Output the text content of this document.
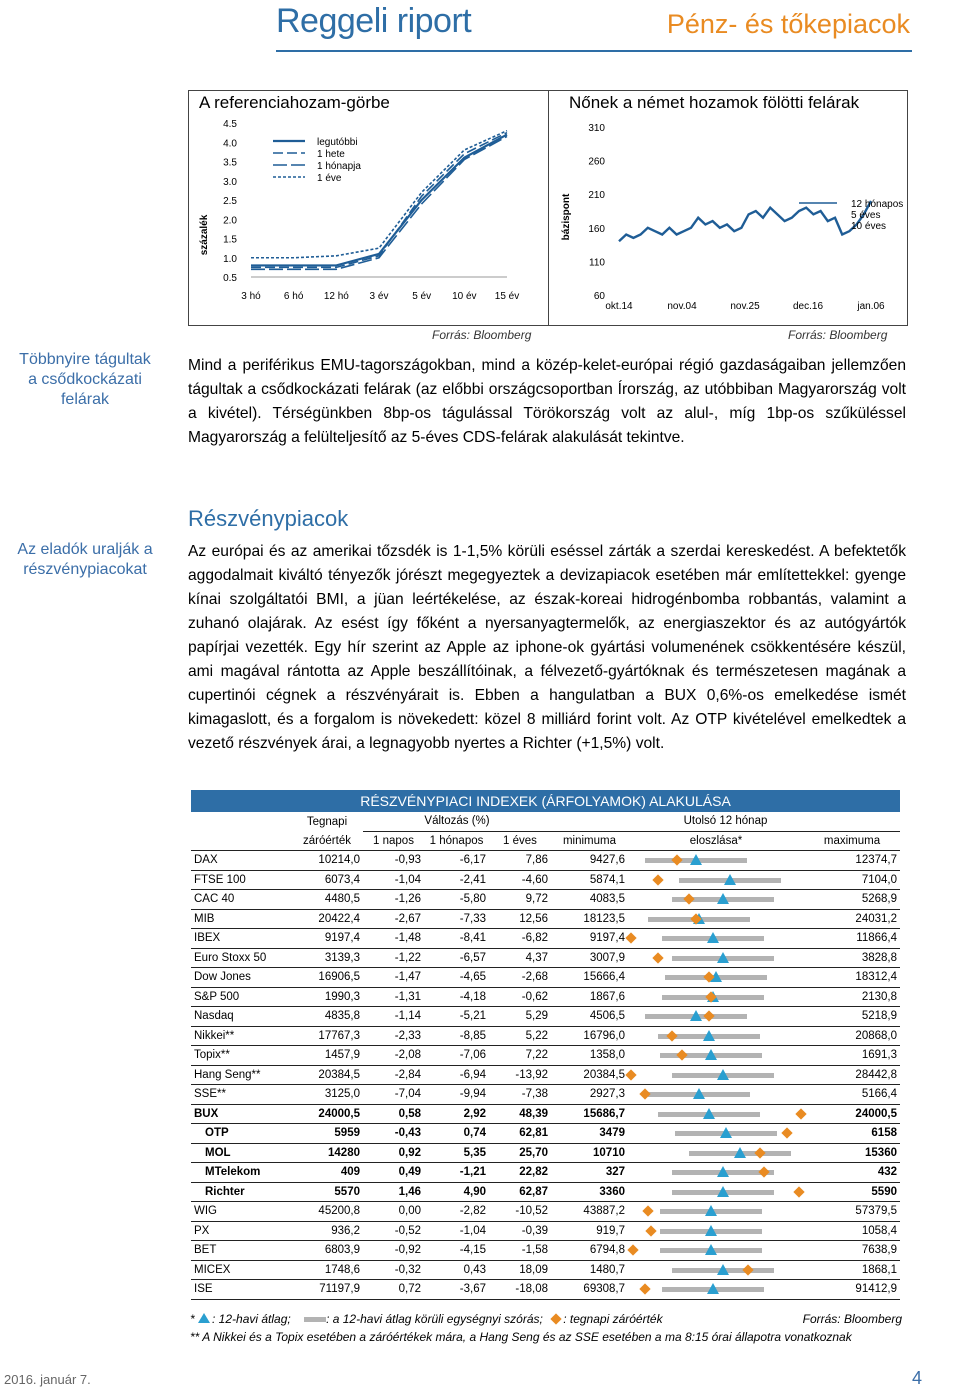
Reggeli riport	Pénz- és tőkepiacok
Többnyire tágultak
a csődkockázati
felárak
Az eladók uralják a
részvénypiacokat
A referenciahozam-görbe	Nőnek a német hozamok fölötti felárak
százalék
4.5
4.0
3.5
3.0
2.5
2.0
1.5
1.0
0.5
3 hó 6 hó 12 hó 3 év 5 év 10 év 15 év
legutóbbi
1 hete
1 hónapja
1 éve
bázispont
310
260
210
160
110
60
okt.14	nov.04	nov.25	dec.16	jan.06
12 hónapos
5 éves
10 éves
Forrás: Bloomberg	Forrás: Bloomberg
Mind a periférikus EMU-tagországokban, mind a közép-kelet-európai régió gazdaságaiban jellemzően tágultak a csődkockázati felárak (az előbbi országcsoportban Írország, az utóbbiban Magyarország volt a kivétel). Térségünkben 8bp-os tágulással Törökország volt az alul-, míg 1bp-os szűküléssel Magyarország a felülteljesítő az 5-éves CDS-felárak alakulását tekintve.
Részvénypiacok
Az európai és az amerikai tőzsdék is 1-1,5% körüli eséssel zárták a szerdai kereskedést. A befektetők aggodalmait kiváltó tényezők jórészt megegyeztek a devizapiacok esetében már említettekkel: gyenge kínai szolgáltatói BMI, a jüan leértékelése, az észak-koreai hidrogénbomba robbantás, valamint a zuhanó olajárak. Az esést így főként a nyersanyagtermelők, az energiaszektor és az autógyártók papírjai vezették. Egy hír szerint az Apple az iphone-ok gyártási volumenének csökkentésére készül, ami magával rántotta az Apple beszállítóinak, a félvezető-gyártóknak és természetesen magának a cupertinói cégnek a részvényárait is. Ebben a hangulatban a BUX 0,6%-os emelkedése ismét kimagaslott, és a forgalom is növekedett: közel 8 milliárd forint volt. Az OTP kivételével emelkedtek a vezető részvények árai, a legnagyobb nyertes a Richter (+1,5%) volt.
RÉSZVÉNYPIACI INDEXEK (ÁRFOLYAMOK) ALAKULÁSA							
	Tegnapi	Változás (%)			Utolsó 12 hónap		
	záróérték	1 napos	1 hónapos	1 éves	minimuma	eloszlása*	maximuma
DAX	10214,0	-0,93	-6,17	7,86	9427,6		12374,7
FTSE 100	6073,4	-1,04	-2,41	-4,60	5874,1		7104,0
CAC 40	4480,5	-1,26	-5,80	9,72	4083,5		5268,9
MIB	20422,4	-2,67	-7,33	12,56	18123,5		24031,2
IBEX	9197,4	-1,48	-8,41	-6,82	9197,4		11866,4
Euro Stoxx 50	3139,3	-1,22	-6,57	4,37	3007,9		3828,8
Dow Jones	16906,5	-1,47	-4,65	-2,68	15666,4		18312,4
S&P 500	1990,3	-1,31	-4,18	-0,62	1867,6		2130,8
Nasdaq	4835,8	-1,14	-5,21	5,29	4506,5		5218,9
Nikkei**	17767,3	-2,33	-8,85	5,22	16796,0		20868,0
Topix**	1457,9	-2,08	-7,06	7,22	1358,0		1691,3
Hang Seng**	20384,5	-2,84	-6,94	-13,92	20384,5		28442,8
SSE**	3125,0	-7,04	-9,94	-7,38	2927,3		5166,4
BUX	24000,5	0,58	2,92	48,39	15686,7		24000,5
OTP	5959	-0,43	0,74	62,81	3479		6158
MOL	14280	0,92	5,35	25,70	10710		15360
MTelekom	409	0,49	-1,21	22,82	327		432
Richter	5570	1,46	4,90	62,87	3360		5590
WIG	45200,8	0,00	-2,82	-10,52	43887,2		57379,5
PX	936,2	-0,52	-1,04	-0,39	919,7		1058,4
BET	6803,9	-0,92	-4,15	-1,58	6794,8		7638,9
MICEX	1748,6	-0,32	0,43	18,09	1480,7		1868,1
ISE	71197,9	0,72	-3,67	-18,08	69308,7		91412,9
* : 12-havi átlag;	: a 12-havi átlag körüli egységnyi szórás; : tegnapi záróérték	Forrás: Bloomberg
** A Nikkei és a Topix esetében a záróértékek mára, a Hang Seng és az SSE esetében a ma 8:15 órai állapotra vonatkoznak
2016. január 7.	4
